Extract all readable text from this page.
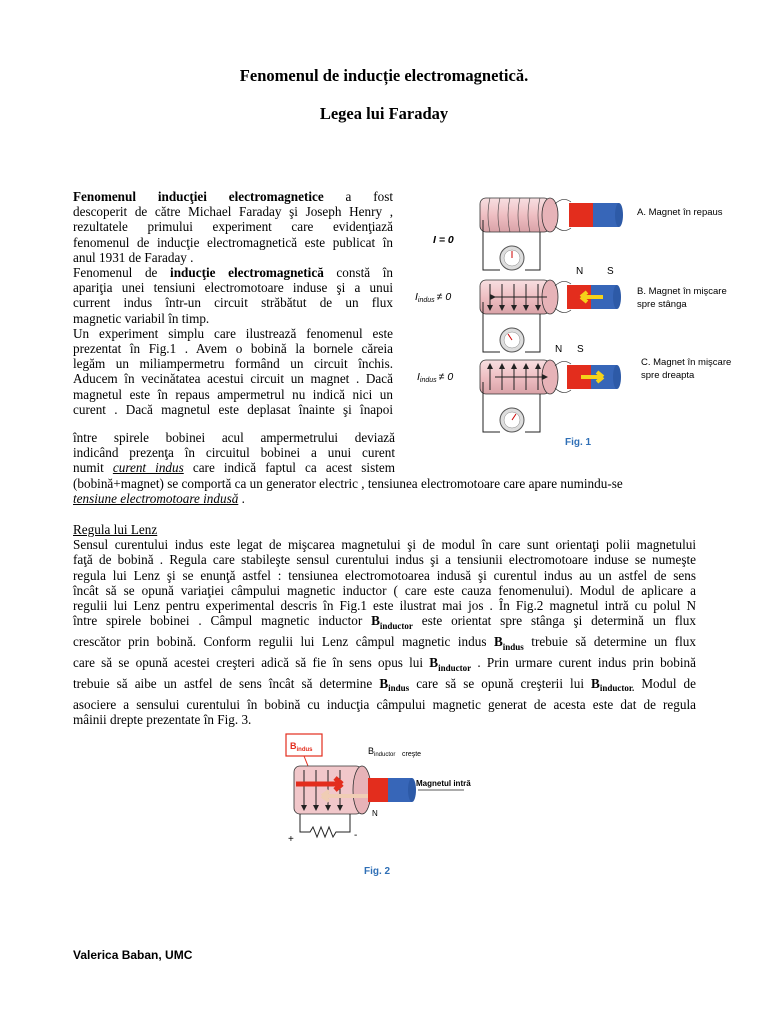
Fenomenul de inducție electromagnetică.
Legea lui Faraday
Fenomenul inducţiei electromagnetice a fost
descoperit de către Michael Faraday şi Joseph Henry ,
rezultatele primului experiment care evidenţiază
fenomenul de inducţie electromagnetică este publicat în
anul 1931 de Faraday .
Fenomenul de inducţie electromagnetică constă în
apariţia unei tensiuni electromotoare induse şi a unui
current indus într-un circuit străbătut de un flux
magnetic variabil în timp.
Un experiment simplu care ilustrează fenomenul este
prezentat în Fig.1 . Avem o bobină la bornele căreia
legăm un miliampermetru formând un circuit închis.
Aducem în vecinătatea acestui circuit un magnet . Dacă
magnetul este în repaus ampermetrul nu indică nici un
curent . Dacă magnetul este deplasat înainte şi înapoi
între spirele bobinei acul ampermetrului deviază
indicând prezenţa în circuitul bobinei a unui curent
numit curent indus care indică faptul ca acest sistem
(bobină+magnet) se comportă ca un generator electric , tensiunea electromotoare care apare numindu-se
tensiune electromotoare indusă .
Regula lui Lenz
Sensul curentului indus este legat de mişcarea magnetului şi de modul în care sunt orientaţi polii magnetului
faţă de bobină . Regula care stabileşte sensul curentului indus şi a tensiunii electromotoare induse se numeşte
regula lui Lenz şi se enunţă astfel : tensiunea electromotoarea indusă şi curentul indus au un astfel de sens
încât să se opună variaţiei câmpului magnetic inductor ( care este cauza fenomenului). Modul de aplicare a
regulii lui Lenz pentru experimental descris în Fig.1 este ilustrat mai jos . În Fig.2 magnetul intră cu polul N
între spirele bobinei . Câmpul magnetic inductor $B_{inductor}$ este orientat spre stânga şi determină un flux
crescător prin bobină. Conform regulii lui Lenz câmpul magnetic indus $B_{indus}$ trebuie să determine un flux
care să se opună acestei creşteri adică să fie în sens opus lui $B_{inductor}$ . Prin urmare curent indus prin bobină
trebuie să aibe un astfel de sens încât să determine $B_{indus}$ care să se opună creşterii lui $B_{inductor.}$ Modul de
asociere a sensului curentului în bobină cu inducţia câmpului magnetic generat de acesta este dat de regula
mâinii drepte prezentate în Fig. 3.
N S
N S
I = 0
Iindus ≠ 0
Iindus ≠ 0
A. Magnet în repaus
B. Magnet în mişcare
spre stânga
C. Magnet în mişcare
spre dreapta
Fig. 1
$B_{indus}$	$B_{inductor}$ creşte
Magnetul intră
N
+	-
Fig. 2
Valerica Baban, UMC
